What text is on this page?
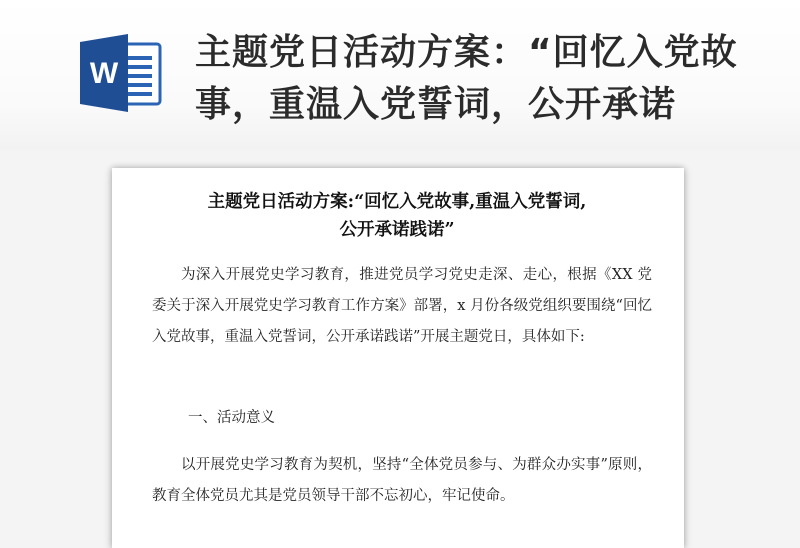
W
主题党日活动方案：“回忆入党故事，重温入党誓词，公开承诺
主题党日活动方案:“回忆入党故事,重温入党誓词,
公开承诺践诺”

为深入开展党史学习教育，推进党员学习党史走深、走心，根据《XX 党委关于深入开展党史学习教育工作方案》部署，x 月份各级党组织要围绕“回忆入党故事，重温入党誓词，公开承诺践诺”开展主题党日，具体如下:

一、活动意义

以开展党史学习教育为契机，坚持“全体党员参与、为群众办实事”原则，教育全体党员尤其是党员领导干部不忘初心，牢记使命。
